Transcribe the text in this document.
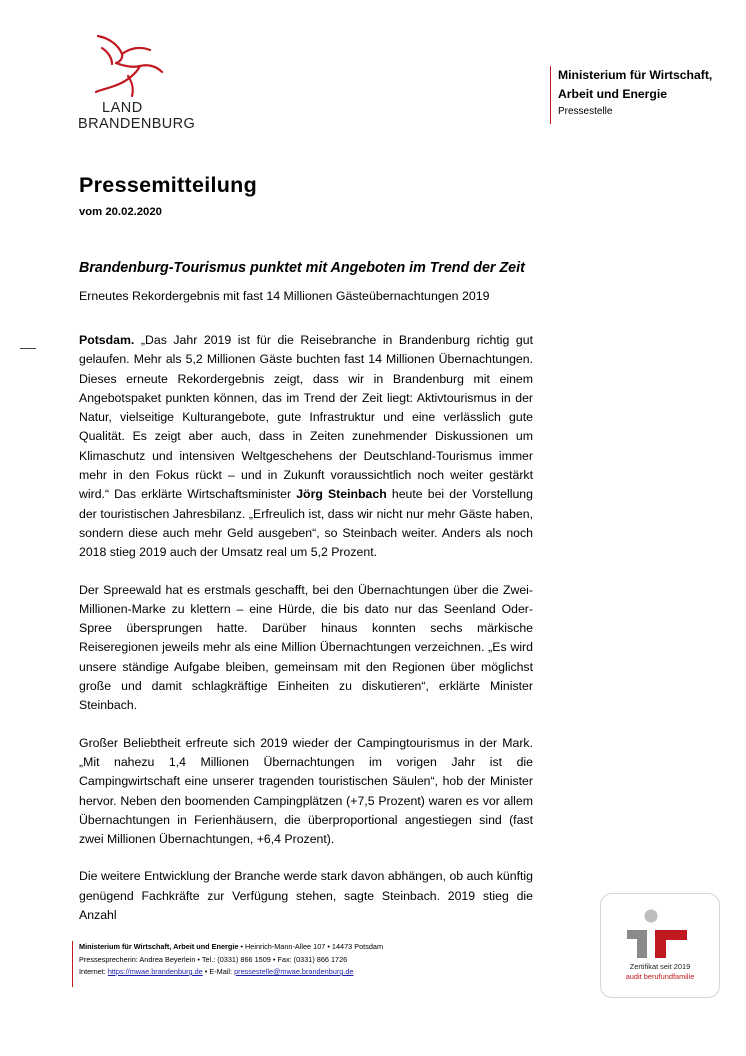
LAND
BRANDENBURG
Ministerium für Wirtschaft, Arbeit und Energie
Pressestelle
Pressemitteilung
vom 20.02.2020
Brandenburg-Tourismus punktet mit Angeboten im Trend der Zeit
Erneutes Rekordergebnis mit fast 14 Millionen Gästeübernachtungen 2019

Potsdam. „Das Jahr 2019 ist für die Reisebranche in Brandenburg richtig gut gelaufen. Mehr als 5,2 Millionen Gäste buchten fast 14 Millionen Übernachtungen. Dieses erneute Rekordergebnis zeigt, dass wir in Brandenburg mit einem Angebotspaket punkten können, das im Trend der Zeit liegt: Aktivtourismus in der Natur, vielseitige Kulturangebote, gute Infrastruktur und eine verlässlich gute Qualität. Es zeigt aber auch, dass in Zeiten zunehmender Diskussionen um Klimaschutz und intensiven Weltgeschehens der Deutschland-Tourismus immer mehr in den Fokus rückt – und in Zukunft voraussichtlich noch weiter gestärkt wird.“ Das erklärte Wirtschaftsminister Jörg Steinbach heute bei der Vorstellung der touristischen Jahresbilanz. „Erfreulich ist, dass wir nicht nur mehr Gäste haben, sondern diese auch mehr Geld ausgeben“, so Steinbach weiter. Anders als noch 2018 stieg 2019 auch der Umsatz real um 5,2 Prozent.

Der Spreewald hat es erstmals geschafft, bei den Übernachtungen über die Zwei-Millionen-Marke zu klettern – eine Hürde, die bis dato nur das Seenland Oder-Spree übersprungen hatte. Darüber hinaus konnten sechs märkische Reiseregionen jeweils mehr als eine Million Übernachtungen verzeichnen. „Es wird unsere ständige Aufgabe bleiben, gemeinsam mit den Regionen über möglichst große und damit schlagkräftige Einheiten zu diskutieren“, erklärte Minister Steinbach.

Großer Beliebtheit erfreute sich 2019 wieder der Campingtourismus in der Mark. „Mit nahezu 1,4 Millionen Übernachtungen im vorigen Jahr ist die Campingwirtschaft eine unserer tragenden touristischen Säulen“, hob der Minister hervor. Neben den boomenden Campingplätzen (+7,5 Prozent) waren es vor allem Übernachtungen in Ferienhäusern, die überproportional angestiegen sind (fast zwei Millionen Übernachtungen, +6,4 Prozent).

Die weitere Entwicklung der Branche werde stark davon abhängen, ob auch künftig genügend Fachkräfte zur Verfügung stehen, sagte Steinbach. 2019 stieg die Anzahl

Ministerium für Wirtschaft, Arbeit und Energie • Heinrich-Mann-Allee 107 • 14473 Potsdam
Pressesprecherin: Andrea Beyerlein • Tel.: (0331) 866 1509 • Fax: (0331) 866 1726
Internet: https://mwae.brandenburg.de • E-Mail: pressestelle@mwae.brandenburg.de
Zertifikat seit 2019
audit berufundfamilie
